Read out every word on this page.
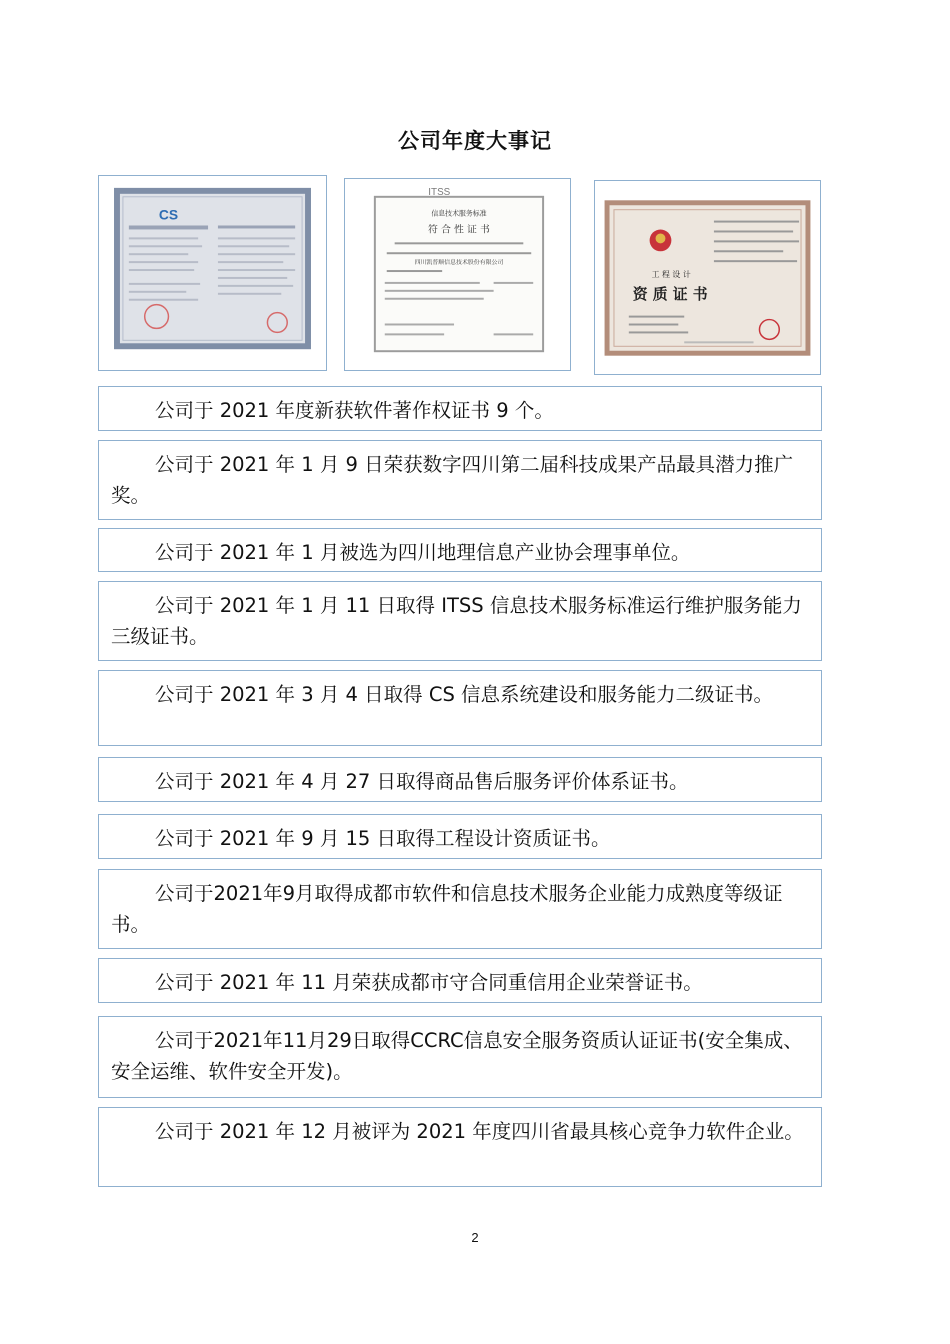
公司年度大事记
CS
ITSS
信息技术服务标准
符 合 性 证 书
四川凯普顺信息技术股份有限公司
工 程 设 计
资 质 证 书
公司于 2021 年度新获软件著作权证书 9 个。
公司于 2021 年 1 月 9 日荣获数字四川第二届科技成果产品最具潜力推广奖。
公司于 2021 年 1 月被选为四川地理信息产业协会理事单位。
公司于 2021 年 1 月 11 日取得 ITSS 信息技术服务标准运行维护服务能力三级证书。
公司于 2021 年 3 月 4 日取得 CS 信息系统建设和服务能力二级证书。
公司于 2021 年 4 月 27 日取得商品售后服务评价体系证书。
公司于 2021 年 9 月 15 日取得工程设计资质证书。
公司于2021年9月取得成都市软件和信息技术服务企业能力成熟度等级证书。
公司于 2021 年 11 月荣获成都市守合同重信用企业荣誉证书。
公司于2021年11月29日取得CCRC信息安全服务资质认证证书(安全集成、安全运维、软件安全开发)。
公司于 2021 年 12 月被评为 2021 年度四川省最具核心竞争力软件企业。
2
